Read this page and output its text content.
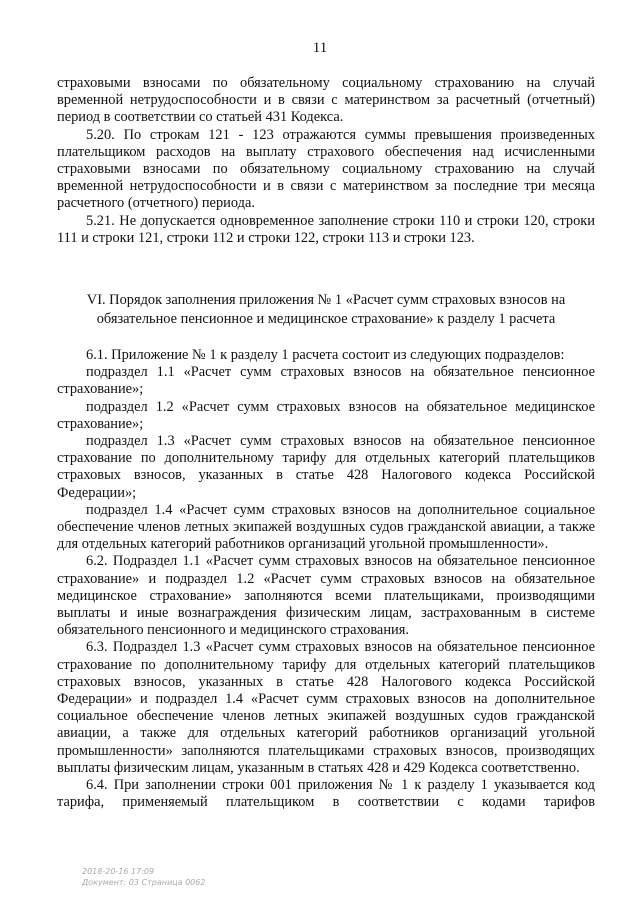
11

страховыми взносами по обязательному социальному страхованию на случай временной нетрудоспособности и в связи с материнством за расчетный (отчетный) период в соответствии со статьей 431 Кодекса.

5.20. По строкам 121 - 123 отражаются суммы превышения произведенных плательщиком расходов на выплату страхового обеспечения над исчисленными страховыми взносами по обязательному социальному страхованию на случай временной нетрудоспособности и в связи с материнством за последние три месяца расчетного (отчетного) периода.

5.21. Не допускается одновременное заполнение строки 110 и строки 120, строки 111 и строки 121, строки 112 и строки 122, строки 113 и строки 123.

VI. Порядок заполнения приложения № 1 «Расчет сумм страховых взносов на обязательное пенсионное и медицинское страхование» к разделу 1 расчета

6.1. Приложение № 1 к разделу 1 расчета состоит из следующих подразделов:

подраздел 1.1 «Расчет сумм страховых взносов на обязательное пенсионное страхование»;

подраздел 1.2 «Расчет сумм страховых взносов на обязательное медицинское страхование»;

подраздел 1.3 «Расчет сумм страховых взносов на обязательное пенсионное страхование по дополнительному тарифу для отдельных категорий плательщиков страховых взносов, указанных в статье 428 Налогового кодекса Российской Федерации»;

подраздел 1.4 «Расчет сумм страховых взносов на дополнительное социальное обеспечение членов летных экипажей воздушных судов гражданской авиации, а также для отдельных категорий работников организаций угольной промышленности».

6.2. Подраздел 1.1 «Расчет сумм страховых взносов на обязательное пенсионное страхование» и подраздел 1.2 «Расчет сумм страховых взносов на обязательное медицинское страхование» заполняются всеми плательщиками, производящими выплаты и иные вознаграждения физическим лицам, застрахованным в системе обязательного пенсионного и медицинского страхования.

6.3. Подраздел 1.3 «Расчет сумм страховых взносов на обязательное пенсионное страхование по дополнительному тарифу для отдельных категорий плательщиков страховых взносов, указанных в статье 428 Налогового кодекса Российской Федерации» и подраздел 1.4 «Расчет сумм страховых взносов на дополнительное социальное обеспечение членов летных экипажей воздушных судов гражданской авиации, а также для отдельных категорий работников организаций угольной промышленности» заполняются плательщиками страховых взносов, производящих выплаты физическим лицам, указанным в статьях 428 и 429 Кодекса соответственно.

6.4. При заполнении строки 001 приложения № 1 к разделу 1 указывается код тарифа, применяемый плательщиком в соответствии с кодами тарифов

2018-20-16 17:09
Документ: 03 Страница 0062
